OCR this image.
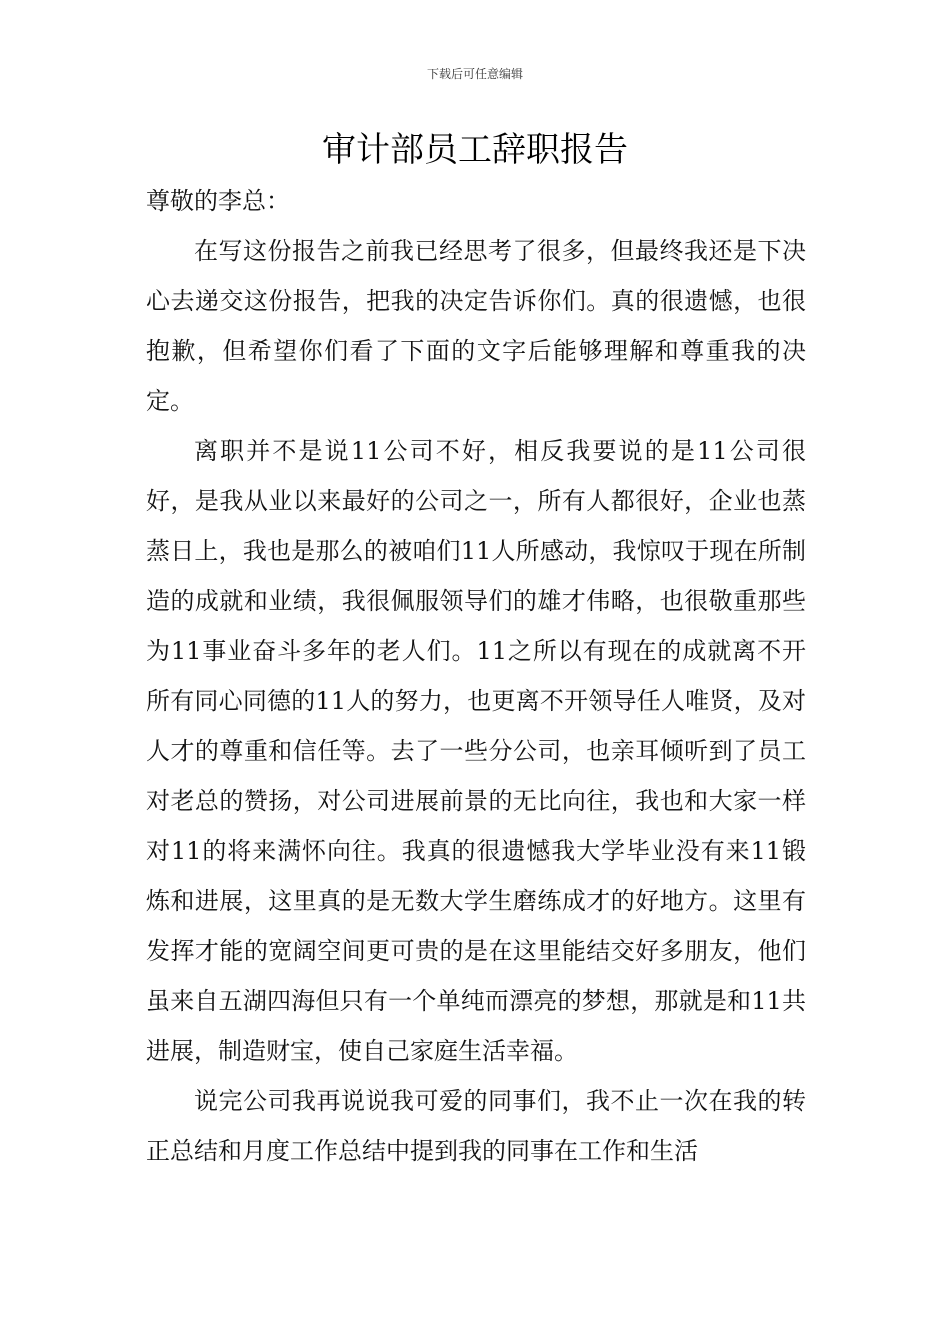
下载后可任意编辑
审计部员工辞职报告

尊敬的李总：

在写这份报告之前我已经思考了很多，但最终我还是下决心去递交这份报告，把我的决定告诉你们。真的很遗憾，也很抱歉，但希望你们看了下面的文字后能够理解和尊重我的决定。

离职并不是说11公司不好，相反我要说的是11公司很好，是我从业以来最好的公司之一，所有人都很好，企业也蒸蒸日上，我也是那么的被咱们11人所感动，我惊叹于现在所制造的成就和业绩，我很佩服领导们的雄才伟略，也很敬重那些为11事业奋斗多年的老人们。11之所以有现在的成就离不开所有同心同德的11人的努力，也更离不开领导任人唯贤，及对人才的尊重和信任等。去了一些分公司，也亲耳倾听到了员工对老总的赞扬，对公司进展前景的无比向往，我也和大家一样对11的将来满怀向往。我真的很遗憾我大学毕业没有来11锻炼和进展，这里真的是无数大学生磨练成才的好地方。这里有发挥才能的宽阔空间更可贵的是在这里能结交好多朋友，他们虽来自五湖四海但只有一个单纯而漂亮的梦想，那就是和11共进展，制造财宝，使自己家庭生活幸福。

说完公司我再说说我可爱的同事们，我不止一次在我的转正总结和月度工作总结中提到我的同事在工作和生活
